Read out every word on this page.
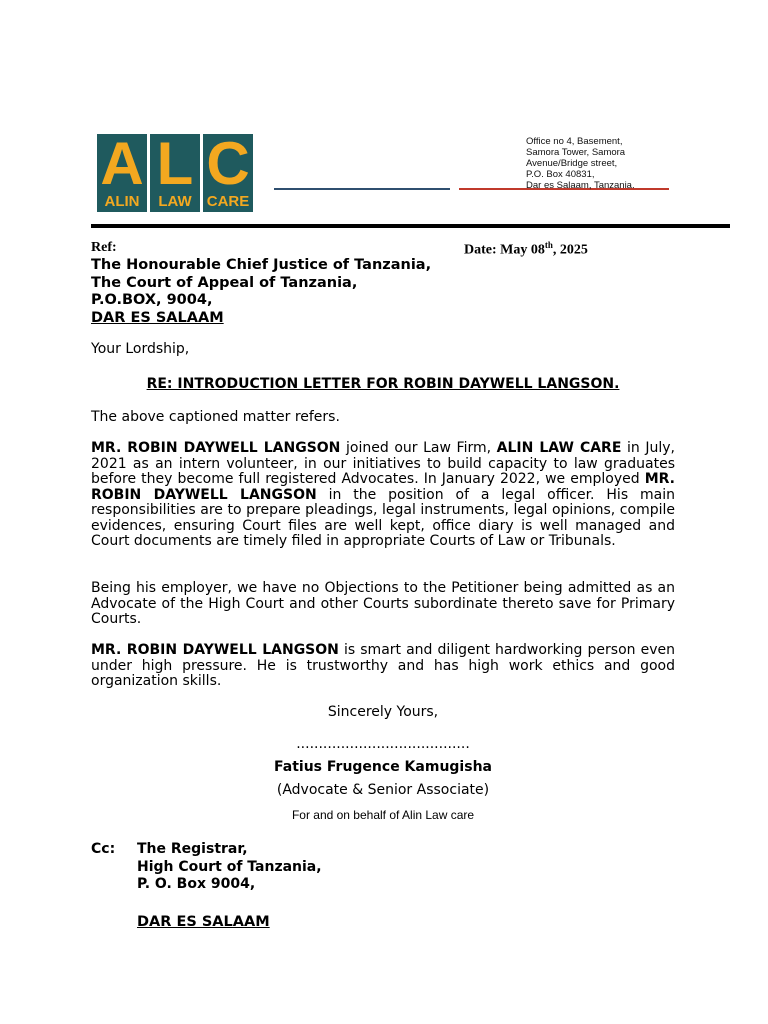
A
ALIN
L
LAW
C
CARE
Office no 4, Basement,
Samora Tower, Samora
Avenue/Bridge street,
P.O. Box 40831,
Dar es Salaam, Tanzania.
Ref:	Date: May 08th, 2025
The Honourable Chief Justice of Tanzania,
The Court of Appeal of Tanzania,
P.O.BOX, 9004,
DAR ES SALAAM
Your Lordship,
RE: INTRODUCTION LETTER FOR ROBIN DAYWELL LANGSON.
The above captioned matter refers.
MR. ROBIN DAYWELL LANGSON joined our Law Firm, ALIN LAW CARE in July, 2021 as an intern volunteer, in our initiatives to build capacity to law graduates before they become full registered Advocates. In January 2022, we employed MR. ROBIN DAYWELL LANGSON in the position of a legal officer. His main responsibilities are to prepare pleadings, legal instruments, legal opinions, compile evidences, ensuring Court files are well kept, office diary is well managed and Court documents are timely filed in appropriate Courts of Law or Tribunals.
Being his employer, we have no Objections to the Petitioner being admitted as an Advocate of the High Court and other Courts subordinate thereto save for Primary Courts.
MR. ROBIN DAYWELL LANGSON is smart and diligent hardworking person even under high pressure. He is trustworthy and has high work ethics and good organization skills.
Sincerely Yours,
.......................................
Fatius Frugence Kamugisha
(Advocate & Senior Associate)
For and on behalf of Alin Law care
Cc: The Registrar,
High Court of Tanzania,
P. O. Box 9004,
DAR ES SALAAM
